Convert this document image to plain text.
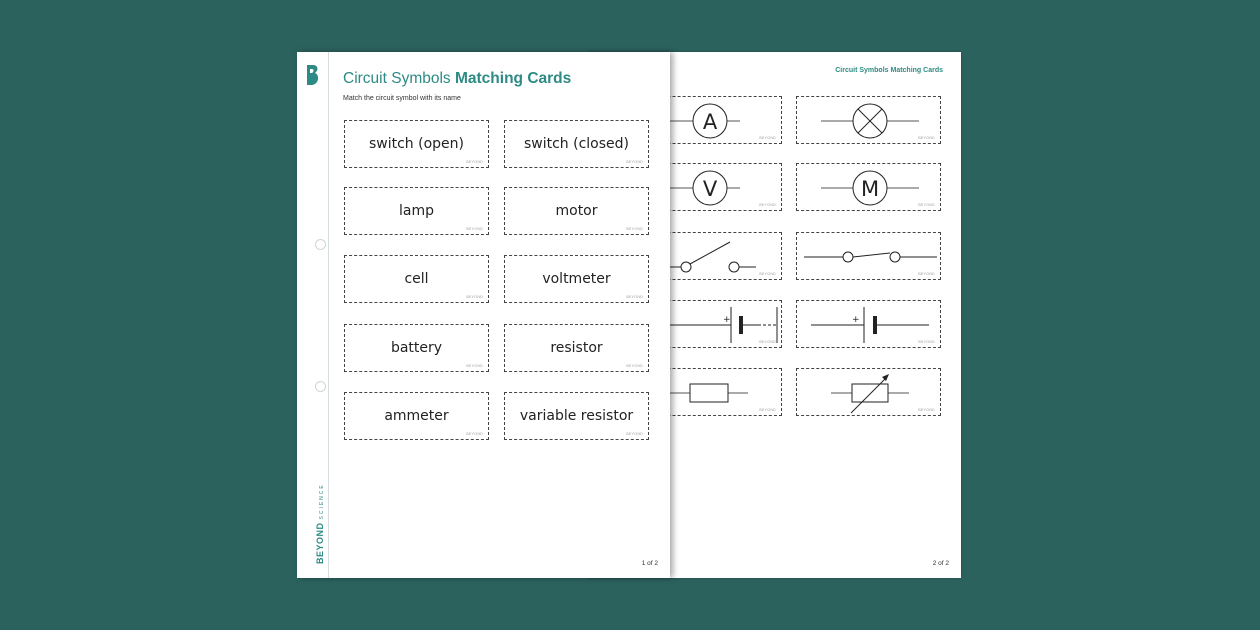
Circuit Symbols Matching Cards
A
BEYOND	BEYOND
V
BEYOND
M
BEYOND
BEYOND	BEYOND
+
BEYOND
+
BEYOND
BEYOND	BEYOND
2 of 2
BEYONDSCIENCE
Circuit Symbols Matching Cards
Match the circuit symbol with its name
switch (open)
BEYOND
switch (closed)
BEYOND
lamp
BEYOND
motor
BEYOND
cell
BEYOND
voltmeter
BEYOND
battery
BEYOND
resistor
BEYOND
ammeter
BEYOND
variable resistor
BEYOND
1 of 2
